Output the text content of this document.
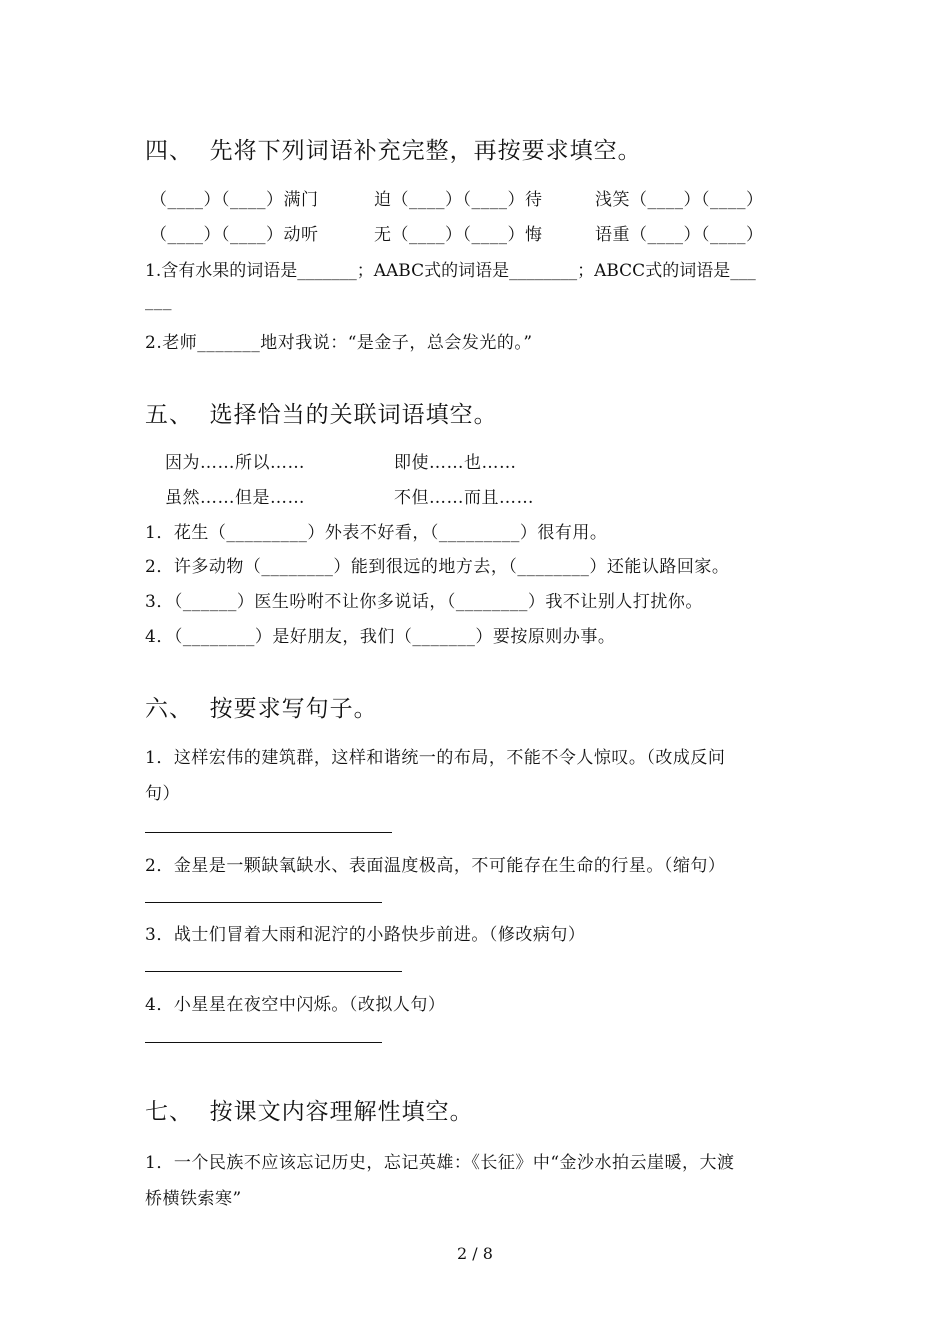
四、  先将下列词语补充完整，再按要求填空。
（____）（____）满门	迫（____）（____）待	浅笑（____）（____）
（____）（____）动听	无（____）（____）悔	语重（____）（____）
1.含有水果的词语是_______；AABC式的词语是________；ABCC式的词语是___
___
2.老师_______地对我说：“是金子，总会发光的。”
五、  选择恰当的关联词语填空。
因为……所以……	即使……也……
虽然……但是……	不但……而且……
1．花生（_________）外表不好看，（_________）很有用。
2．许多动物（________）能到很远的地方去，（________）还能认路回家。
3．（______）医生吩咐不让你多说话，（________）我不让别人打扰你。
4．（________）是好朋友，我们（_______）要按原则办事。
六、  按要求写句子。
1．这样宏伟的建筑群，这样和谐统一的布局，不能不令人惊叹。（改成反问
句）
2．金星是一颗缺氧缺水、表面温度极高，不可能存在生命的行星。（缩句）
3．战士们冒着大雨和泥泞的小路快步前进。（修改病句）
4．小星星在夜空中闪烁。（改拟人句）
七、  按课文内容理解性填空。
1．一个民族不应该忘记历史，忘记英雄：《长征》中“金沙水拍云崖暖，大渡
桥横铁索寒”
2 / 8
